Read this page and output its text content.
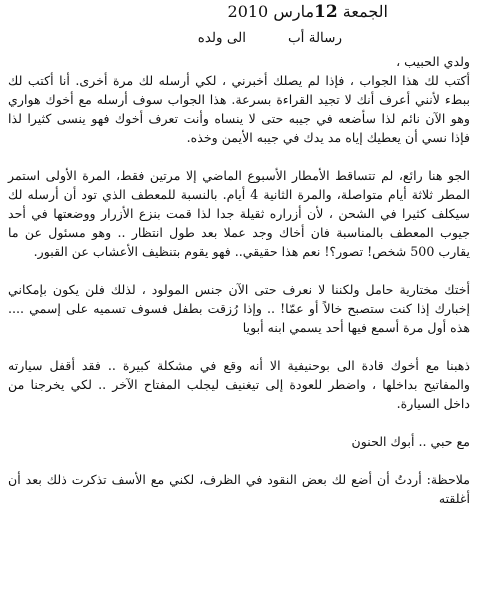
الجمعة 12مارس 2010
رسالة أبالى ولده

ولدي الحبيب ،

أكتب لك هذا الجواب ، فإذا لم يصلك أخبرني ، لكي أرسله لك مرة أخرى. أنا أكتب لك ببطء لأنني أعرف أنك لا تجيد القراءة بسرعة. هذا الجواب سوف أرسله مع أخوك هواري وهو الآن نائم لذا سأضعه في جيبه حتى لا ينساه وأنت تعرف أخوك فهو ينسى كثيرا لذا فإذا نسي أن يعطيك إياه مد يدك في جيبه الأيمن وخذه.

الجو هنا رائع، لم تتساقط الأمطار الأسبوع الماضي إلا مرتين فقط، المرة الأولى استمر المطر ثلاثة أيام متواصلة، والمرة الثانية 4 أيام. بالنسبة للمعطف الذي تود أن أرسله لك سيكلف كثيرا في الشحن ، لأن أزراره ثقيلة جدا لذا قمت بنزع الأزرار ووضعتها في أحد جيوب المعطف بالمناسبة فان أخاك وجد عملا بعد طول انتظار .. وهو مسئول عن ما يقارب 500 شخص! تصور؟! نعم هذا حقيقي.. فهو يقوم بتنظيف الأعشاب عن القبور.

أختك مختارية حامل ولكننا لا نعرف حتى الآن جنس المولود ، لذلك فلن يكون بإمكاني إخبارك إذا كنت ستصبح خالاً أو عمّا! .. وإذا رُزقت بطفل فسوف تسميه على إسمي .... هذه أول مرة أسمع فيها أحد يسمي ابنه أبويا

ذهبنا مع أخوك قادة الى بوحنيفية الا أنه وقع في مشكلة كبيرة .. فقد أقفل سيارته والمفاتيح بداخلها ، واضطر للعودة إلى تيغنيف ليجلب المفتاح الآخر .. لكي يخرجنا من داخل السيارة.

مع حبي .. أبوك الحنون

ملاحظة: أردتُ أن أضع لك بعض النقود في الظرف، لكني مع الأسف تذكرت ذلك بعد أن أغلقته
